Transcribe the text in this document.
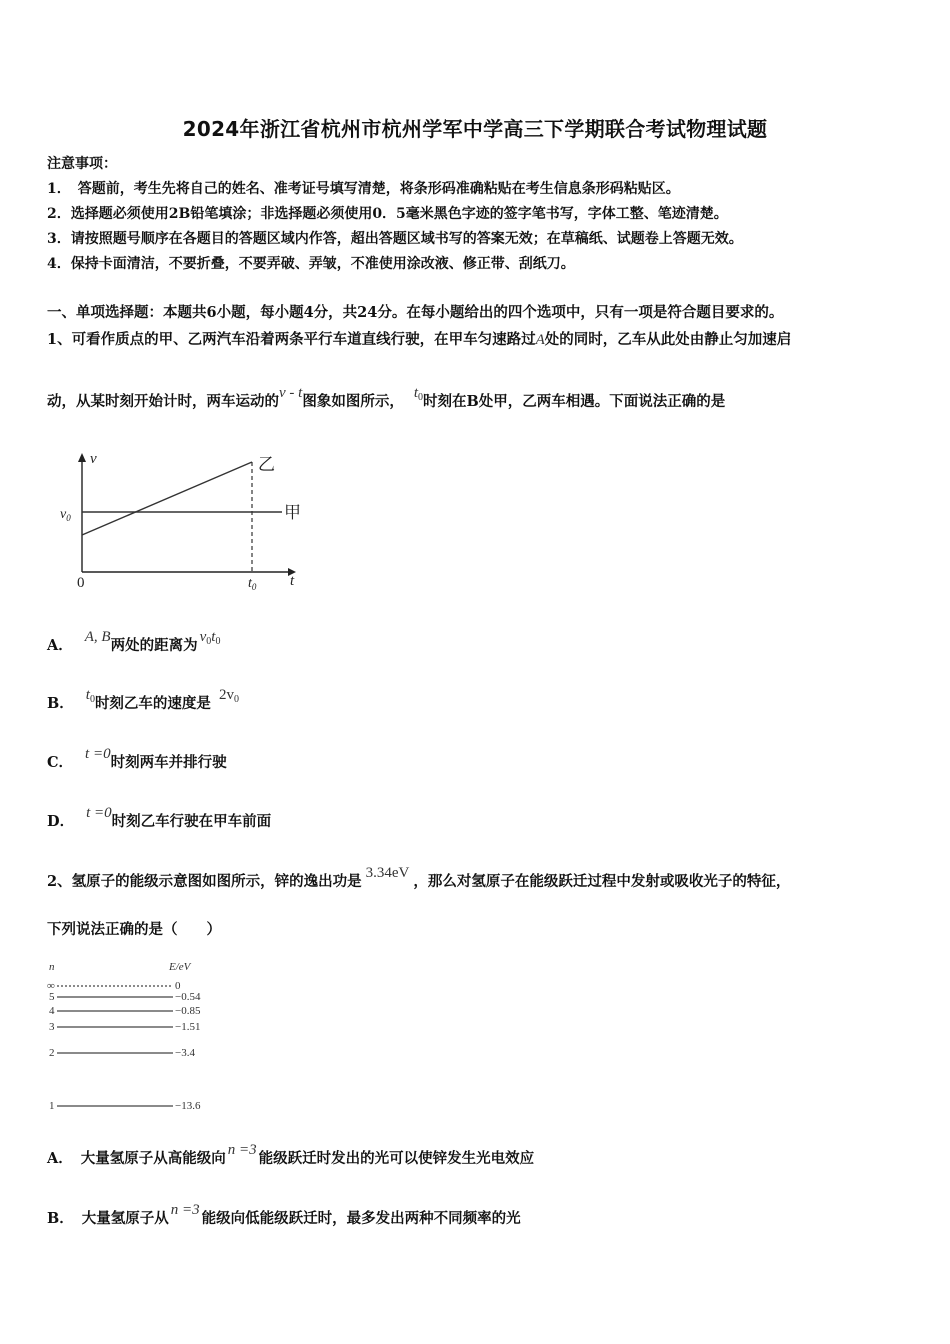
2024年浙江省杭州市杭州学军中学高三下学期联合考试物理试题
注意事项：
1．　答题前，考生先将自己的姓名、准考证号填写清楚，将条形码准确粘贴在考生信息条形码粘贴区。
2．选择题必须使用2B铅笔填涂；非选择题必须使用0．5毫米黑色字迹的签字笔书写，字体工整、笔迹清楚。
3．请按照题号顺序在各题目的答题区域内作答，超出答题区域书写的答案无效；在草稿纸、试题卷上答题无效。
4．保持卡面清洁，不要折叠，不要弄破、弄皱，不准使用涂改液、修正带、刮纸刀。
一、单项选择题：本题共6小题，每小题4分，共24分。在每小题给出的四个选项中，只有一项是符合题目要求的。
1、可看作质点的甲、乙两汽车沿着两条平行车道直线行驶，在甲车匀速路过A处的同时，乙车从此处由静止匀加速启
动，从某时刻开始计时，两车运动的v - t图象如图所示， $t_0$时刻在B处甲，乙两车相遇。下面说法正确的是
v
t
0
$v_0$
$t_0$
乙
甲
A． A, B两处的距离为 $v_0t_0$
B． $t_0$时刻乙车的速度是 $2v_0$
C． t =0时刻两车并排行驶
D． t =0时刻乙车行驶在甲车前面
2、氢原子的能级示意图如图所示，锌的逸出功是 3.34eV ，那么对氢原子在能级跃迁过程中发射或吸收光子的特征，
下列说法正确的是（　　）
n	E/eV
∞	0
5	−0.54
4	−0.85
3	−1.51
2	−3.4
1	−13.6
A． 大量氢原子从高能级向 n =3 能级跃迁时发出的光可以使锌发生光电效应
B． 大量氢原子从 n =3 能级向低能级跃迁时，最多发出两种不同频率的光
